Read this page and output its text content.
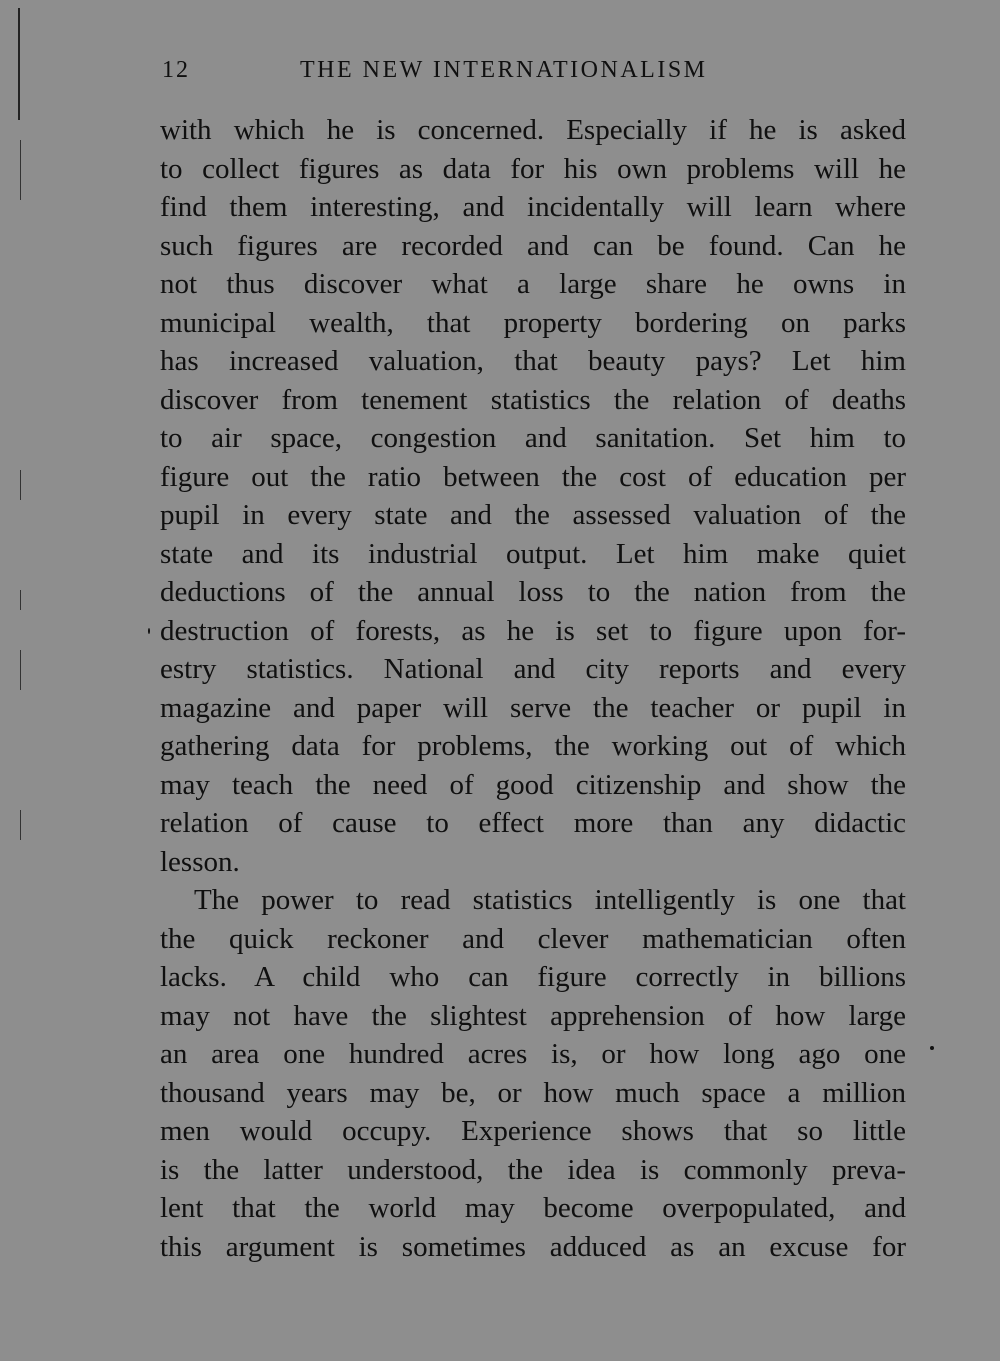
12	THE NEW INTERNATIONALISM
with which he is concerned. Especially if he is asked
to collect figures as data for his own problems will he
find them interesting, and incidentally will learn where
such figures are recorded and can be found. Can he
not thus discover what a large share he owns in
municipal wealth, that property bordering on parks
has increased valuation, that beauty pays? Let him
discover from tenement statistics the relation of deaths
to air space, congestion and sanitation. Set him to
figure out the ratio between the cost of education per
pupil in every state and the assessed valuation of the
state and its industrial output. Let him make quiet
deductions of the annual loss to the nation from the
destruction of forests, as he is set to figure upon for-
estry statistics. National and city reports and every
magazine and paper will serve the teacher or pupil in
gathering data for problems, the working out of which
may teach the need of good citizenship and show the
relation of cause to effect more than any didactic
lesson.
The power to read statistics intelligently is one that
the quick reckoner and clever mathematician often
lacks. A child who can figure correctly in billions
may not have the slightest apprehension of how large
an area one hundred acres is, or how long ago one
thousand years may be, or how much space a million
men would occupy. Experience shows that so little
is the latter understood, the idea is commonly preva-
lent that the world may become overpopulated, and
this argument is sometimes adduced as an excuse for
